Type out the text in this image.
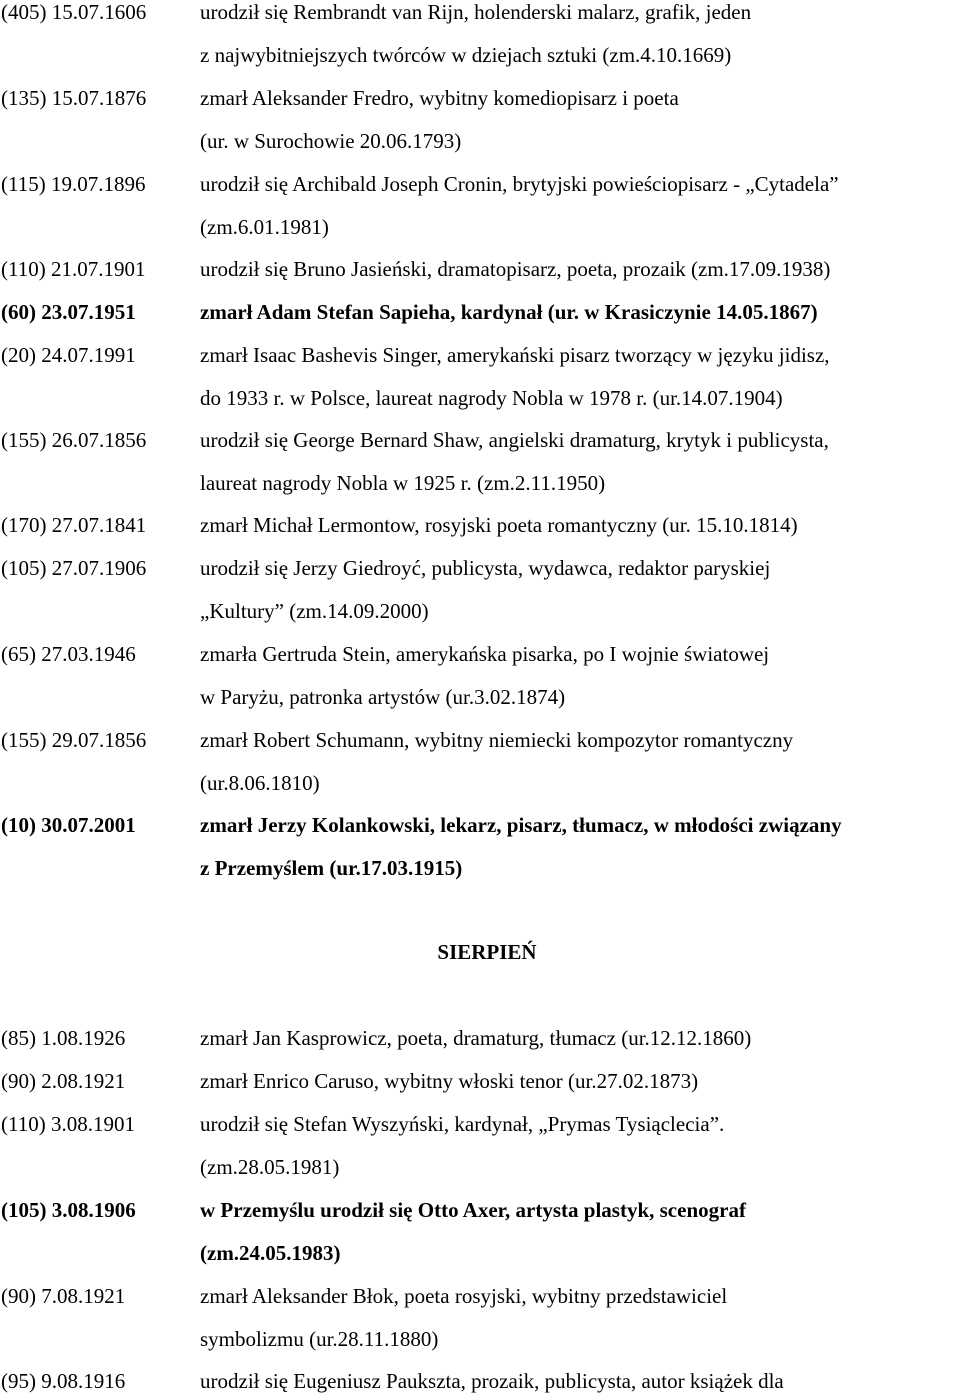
(405) 15.07.1606	urodził się Rembrandt van Rijn, holenderski malarz, grafik, jeden
z najwybitniejszych twórców w dziejach sztuki (zm.4.10.1669)
(135) 15.07.1876	zmarł Aleksander Fredro, wybitny komediopisarz i poeta
(ur. w Surochowie 20.06.1793)
(115) 19.07.1896	urodził się Archibald Joseph Cronin, brytyjski powieściopisarz - „Cytadela”
(zm.6.01.1981)
(110) 21.07.1901	urodził się Bruno Jasieński, dramatopisarz, poeta, prozaik (zm.17.09.1938)
(60) 23.07.1951	zmarł Adam Stefan Sapieha, kardynał (ur. w Krasiczynie 14.05.1867)
(20) 24.07.1991	zmarł Isaac Bashevis Singer, amerykański pisarz tworzący w języku jidisz,
do 1933 r. w Polsce, laureat nagrody Nobla w 1978 r. (ur.14.07.1904)
(155) 26.07.1856	urodził się George Bernard Shaw, angielski dramaturg, krytyk i publicysta,
laureat nagrody Nobla w 1925 r. (zm.2.11.1950)
(170) 27.07.1841	zmarł Michał Lermontow, rosyjski poeta romantyczny (ur. 15.10.1814)
(105) 27.07.1906	urodził się Jerzy Giedroyć, publicysta, wydawca, redaktor paryskiej
„Kultury” (zm.14.09.2000)
(65) 27.03.1946	zmarła Gertruda Stein, amerykańska pisarka, po I wojnie światowej
w Paryżu, patronka artystów (ur.3.02.1874)
(155) 29.07.1856	zmarł Robert Schumann, wybitny niemiecki kompozytor romantyczny
(ur.8.06.1810)
(10) 30.07.2001	zmarł Jerzy Kolankowski, lekarz, pisarz, tłumacz, w młodości związany
z Przemyślem (ur.17.03.1915)
SIERPIEŃ
(85) 1.08.1926	zmarł Jan Kasprowicz, poeta, dramaturg, tłumacz (ur.12.12.1860)
(90) 2.08.1921	zmarł Enrico Caruso, wybitny włoski tenor (ur.27.02.1873)
(110) 3.08.1901	urodził się Stefan Wyszyński, kardynał, „Prymas Tysiąclecia”.
(zm.28.05.1981)
(105) 3.08.1906	w Przemyślu urodził się Otto Axer, artysta plastyk, scenograf
(zm.24.05.1983)
(90) 7.08.1921	zmarł Aleksander Błok, poeta rosyjski, wybitny przedstawiciel
symbolizmu (ur.28.11.1880)
(95) 9.08.1916	urodził się Eugeniusz Paukszta, prozaik, publicysta, autor książek dla
